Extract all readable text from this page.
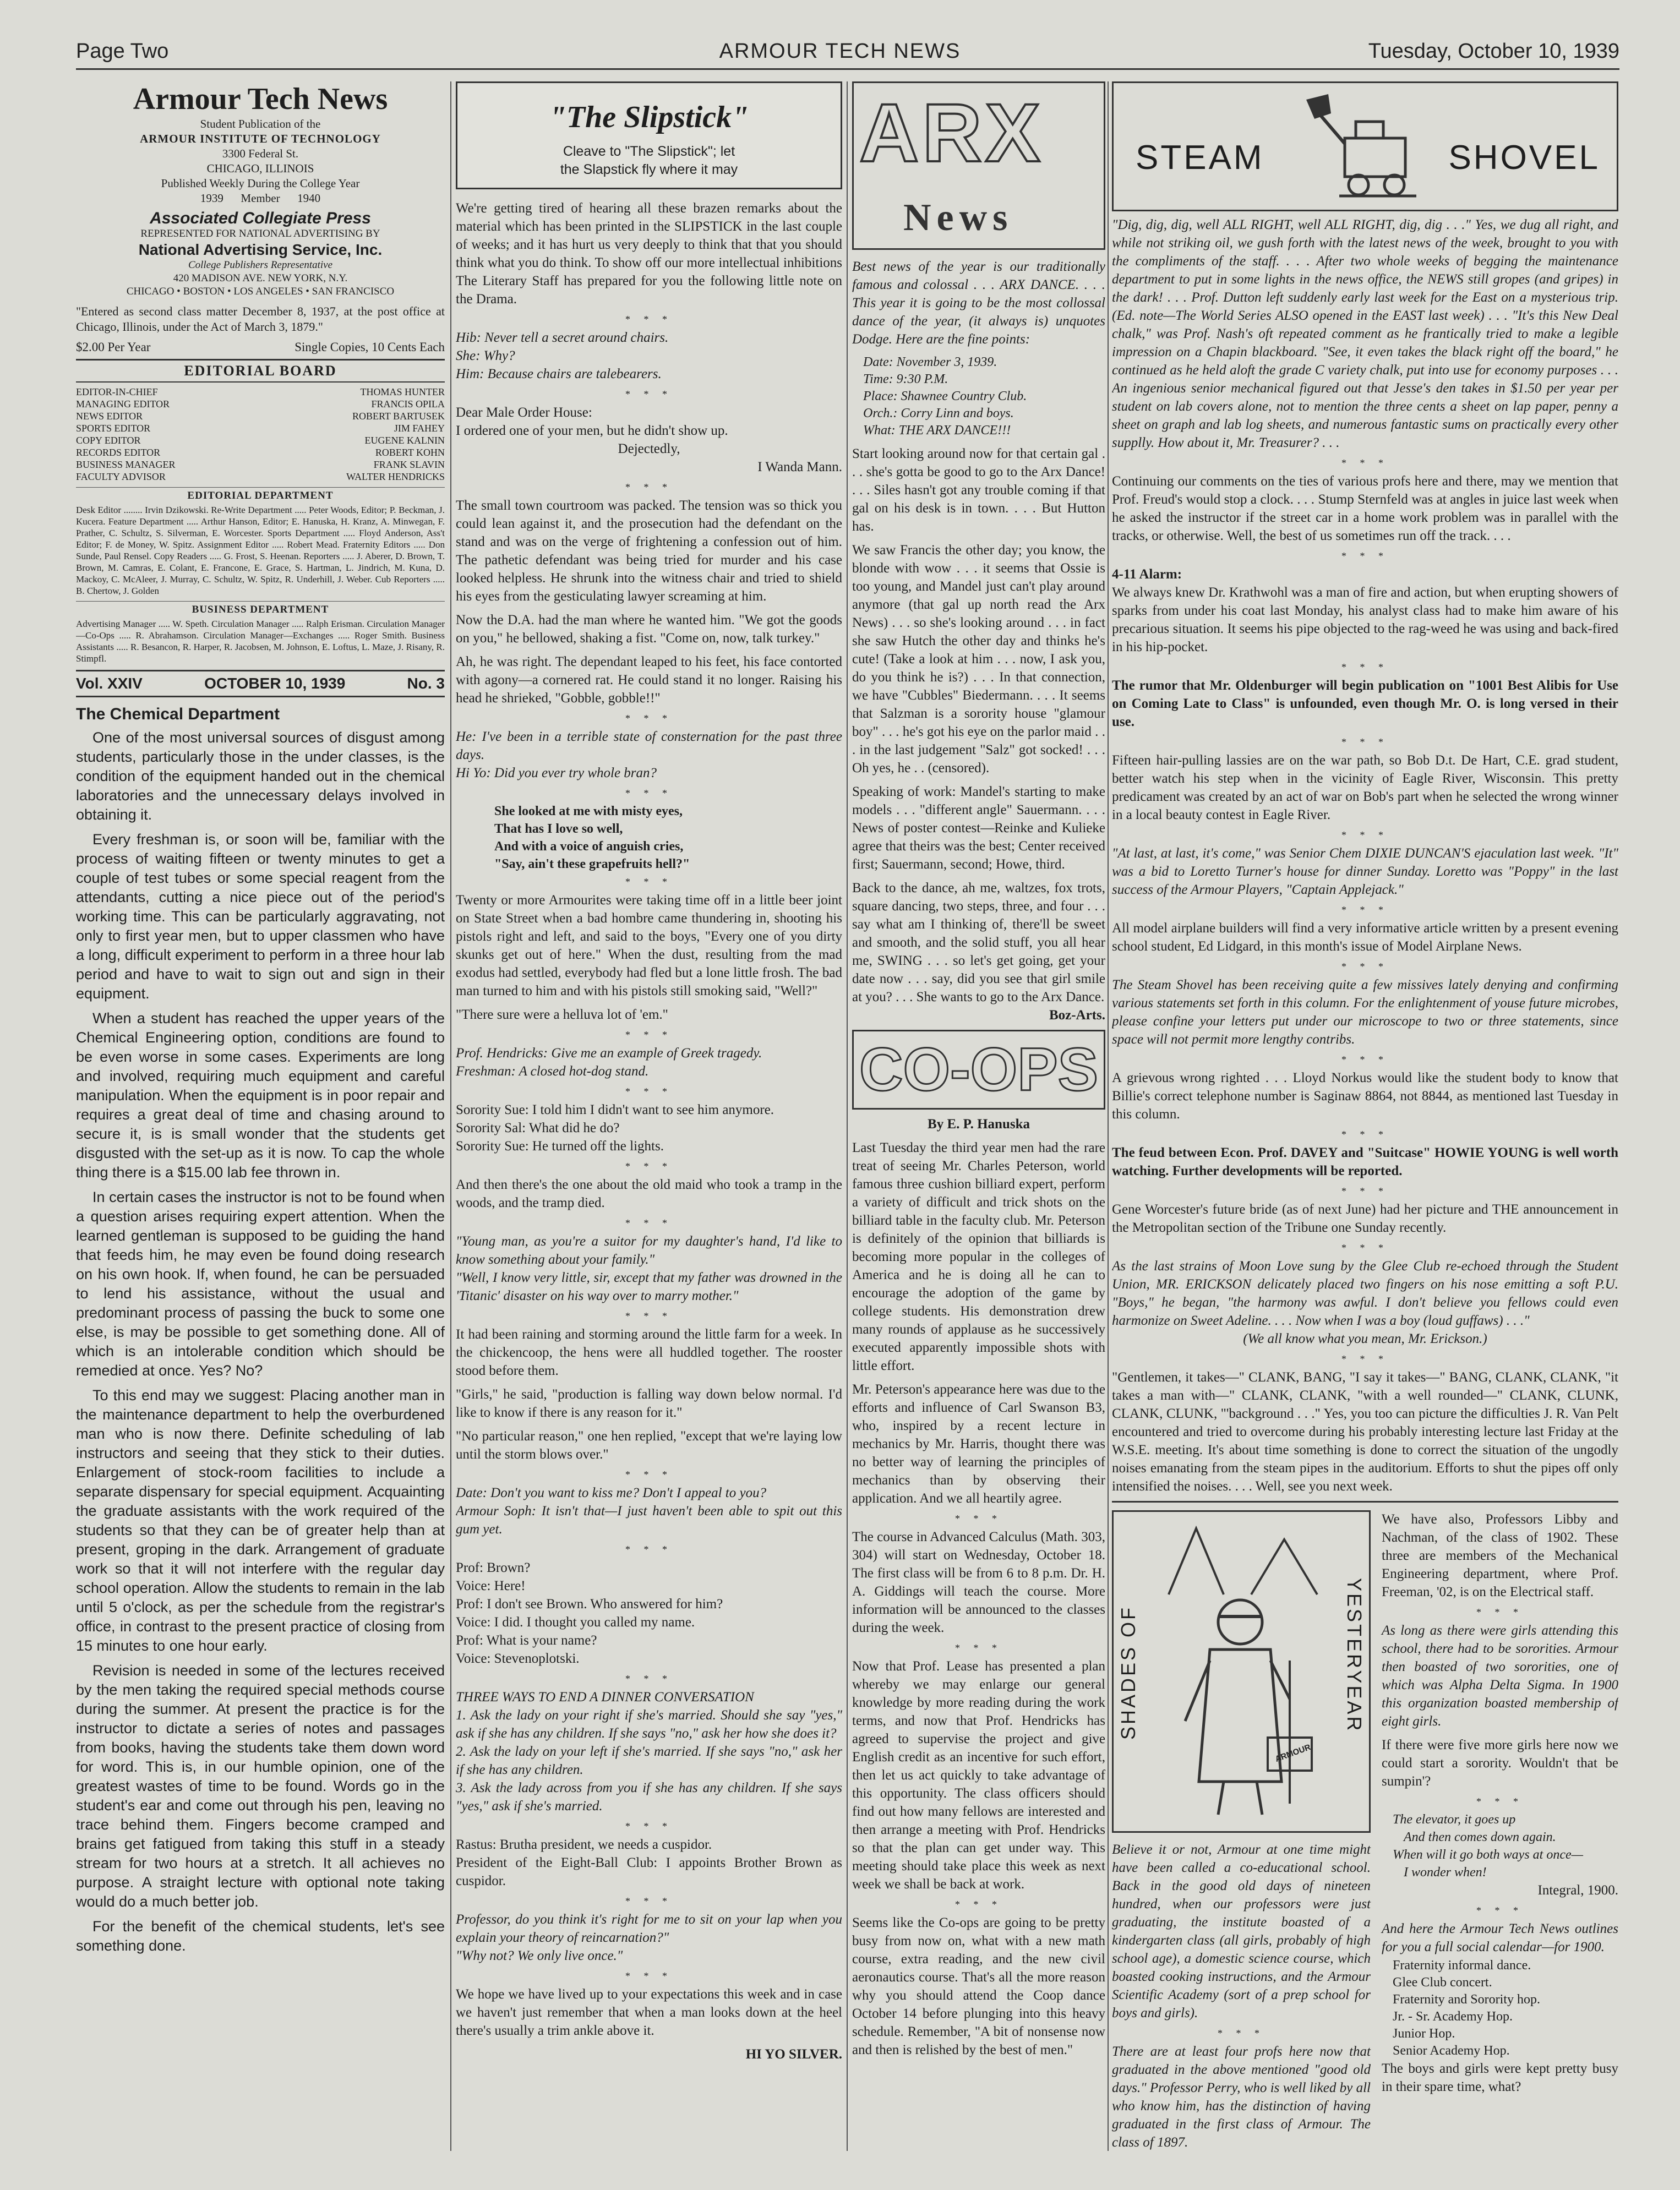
Page Two	ARMOUR TECH NEWS	Tuesday, October 10, 1939
Armour Tech News

Student Publication of the

ARMOUR INSTITUTE OF TECHNOLOGY

3300 Federal St.

CHICAGO, ILLINOIS

Published Weekly During the College Year

1939 Member 1940

Associated Collegiate Press

REPRESENTED FOR NATIONAL ADVERTISING BY

National Advertising Service, Inc.

College Publishers Representative

420 MADISON AVE. NEW YORK, N.Y.

CHICAGO • BOSTON • LOS ANGELES • SAN FRANCISCO

"Entered as second class matter December 8, 1937, at the post office at Chicago, Illinois, under the Act of March 3, 1879."

$2.00 Per Year	Single Copies, 10 Cents Each
EDITORIAL BOARD
EDITOR-IN-CHIEF	THOMAS HUNTER
MANAGING EDITOR	FRANCIS OPILA
NEWS EDITOR	ROBERT BARTUSEK
SPORTS EDITOR	JIM FAHEY
COPY EDITOR	EUGENE KALNIN
RECORDS EDITOR	ROBERT KOHN
BUSINESS MANAGER	FRANK SLAVIN
FACULTY ADVISOR	WALTER HENDRICKS
EDITORIAL DEPARTMENT

Desk Editor ........ Irvin Dzikowski. Re-Write Department ..... Peter Woods, Editor; P. Beckman, J. Kucera. Feature Department ..... Arthur Hanson, Editor; E. Hanuska, H. Kranz, A. Minwegan, F. Prather, C. Schultz, S. Silverman, E. Worcester. Sports Department ..... Floyd Anderson, Ass't Editor; F. de Money, W. Spitz. Assignment Editor ..... Robert Mead. Fraternity Editors ..... Don Sunde, Paul Rensel. Copy Readers ..... G. Frost, S. Heenan. Reporters ..... J. Aberer, D. Brown, T. Brown, M. Camras, E. Colant, E. Francone, E. Grace, S. Hartman, L. Jindrich, M. Kuna, D. Mackoy, C. McAleer, J. Murray, C. Schultz, W. Spitz, R. Underhill, J. Weber. Cub Reporters ..... B. Chertow, J. Golden

BUSINESS DEPARTMENT

Advertising Manager ..... W. Speth. Circulation Manager ..... Ralph Erisman. Circulation Manager—Co-Ops ..... R. Abrahamson. Circulation Manager—Exchanges ..... Roger Smith. Business Assistants ..... R. Besancon, R. Harper, R. Jacobsen, M. Johnson, E. Loftus, L. Maze, J. Risany, R. Stimpfl.

Vol. XXIV	OCTOBER 10, 1939	No. 3
The Chemical Department

One of the most universal sources of disgust among students, particularly those in the under classes, is the condition of the equipment handed out in the chemical laboratories and the unnecessary delays involved in obtaining it.

Every freshman is, or soon will be, familiar with the process of waiting fifteen or twenty minutes to get a couple of test tubes or some special reagent from the attendants, cutting a nice piece out of the period's working time. This can be particularly aggravating, not only to first year men, but to upper classmen who have a long, difficult experiment to perform in a three hour lab period and have to wait to sign out and sign in their equipment.

When a student has reached the upper years of the Chemical Engineering option, conditions are found to be even worse in some cases. Experiments are long and involved, requiring much equipment and careful manipulation. When the equipment is in poor repair and requires a great deal of time and chasing around to secure it, is is small wonder that the students get disgusted with the set-up as it is now. To cap the whole thing there is a $15.00 lab fee thrown in.

In certain cases the instructor is not to be found when a question arises requiring expert attention. When the learned gentleman is supposed to be guiding the hand that feeds him, he may even be found doing research on his own hook. If, when found, he can be persuaded to lend his assistance, without the usual and predominant process of passing the buck to some one else, is may be possible to get something done. All of which is an intolerable condition which should be remedied at once. Yes? No?

To this end may we suggest: Placing another man in the maintenance department to help the overburdened man who is now there. Definite scheduling of lab instructors and seeing that they stick to their duties. Enlargement of stock-room facilities to include a separate dispensary for special equipment. Acquainting the graduate assistants with the work required of the students so that they can be of greater help than at present, groping in the dark. Arrangement of graduate work so that it will not interfere with the regular day school operation. Allow the students to remain in the lab until 5 o'clock, as per the schedule from the registrar's office, in contrast to the present practice of closing from 15 minutes to one hour early.

Revision is needed in some of the lectures received by the men taking the required special methods course during the summer. At present the practice is for the instructor to dictate a series of notes and passages from books, having the students take them down word for word. This is, in our humble opinion, one of the greatest wastes of time to be found. Words go in the student's ear and come out through his pen, leaving no trace behind them. Fingers become cramped and brains get fatigued from taking this stuff in a steady stream for two hours at a stretch. It all achieves no purpose. A straight lecture with optional note taking would do a much better job.

For the benefit of the chemical students, let's see something done.

"The Slipstick"
Cleave to "The Slipstick"; let
the Slapstick fly where it may

We're getting tired of hearing all these brazen remarks about the material which has been printed in the SLIPSTICK in the last couple of weeks; and it has hurt us very deeply to think that that you should think what you do think. To show off our more intellectual inhibitions The Literary Staff has prepared for you the following little note on the Drama.

* * *

Hib: Never tell a secret around chairs.

She: Why?

Him: Because chairs are talebearers.

* * *

Dear Male Order House:

I ordered one of your men, but he didn't show up.

Dejectedly,

I Wanda Mann.

* * *

The small town courtroom was packed. The tension was so thick you could lean against it, and the prosecution had the defendant on the stand and was on the verge of frightening a confession out of him. The pathetic defendant was being tried for murder and his case looked helpless. He shrunk into the witness chair and tried to shield his eyes from the gesticulating lawyer screaming at him.

Now the D.A. had the man where he wanted him. "We got the goods on you," he bellowed, shaking a fist. "Come on, now, talk turkey."

Ah, he was right. The dependant leaped to his feet, his face contorted with agony—a cornered rat. He could stand it no longer. Raising his head he shrieked, "Gobble, gobble!!"

* * *

He: I've been in a terrible state of consternation for the past three days.

Hi Yo: Did you ever try whole bran?

* * *
She looked at me with misty eyes,
That has I love so well,
And with a voice of anguish cries,
"Say, ain't these grapefruits hell?"
* * *

Twenty or more Armourites were taking time off in a little beer joint on State Street when a bad hombre came thundering in, shooting his pistols right and left, and said to the boys, "Every one of you dirty skunks get out of here." When the dust, resulting from the mad exodus had settled, everybody had fled but a lone little frosh. The bad man turned to him and with his pistols still smoking said, "Well?"

"There sure were a helluva lot of 'em."

* * *

Prof. Hendricks: Give me an example of Greek tragedy.

Freshman: A closed hot-dog stand.

* * *

Sorority Sue: I told him I didn't want to see him anymore.

Sorority Sal: What did he do?

Sorority Sue: He turned off the lights.

* * *

And then there's the one about the old maid who took a tramp in the woods, and the tramp died.

* * *

"Young man, as you're a suitor for my daughter's hand, I'd like to know something about your family."

"Well, I know very little, sir, except that my father was drowned in the 'Titanic' disaster on his way over to marry mother."

* * *

It had been raining and storming around the little farm for a week. In the chickencoop, the hens were all huddled together. The rooster stood before them.

"Girls," he said, "production is falling way down below normal. I'd like to know if there is any reason for it."

"No particular reason," one hen replied, "except that we're laying low until the storm blows over."

* * *

Date: Don't you want to kiss me? Don't I appeal to you?

Armour Soph: It isn't that—I just haven't been able to spit out this gum yet.

* * *

Prof: Brown?

Voice: Here!

Prof: I don't see Brown. Who answered for him?

Voice: I did. I thought you called my name.

Prof: What is your name?

Voice: Stevenoplotski.

* * *

THREE WAYS TO END A DINNER CONVERSATION

1. Ask the lady on your right if she's married. Should she say "yes," ask if she has any children. If she says "no," ask her how she does it?

2. Ask the lady on your left if she's married. If she says "no," ask her if she has any children.

3. Ask the lady across from you if she has any children. If she says "yes," ask if she's married.

* * *

Rastus: Brutha president, we needs a cuspidor.

President of the Eight-Ball Club: I appoints Brother Brown as cuspidor.

* * *

Professor, do you think it's right for me to sit on your lap when you explain your theory of reincarnation?"

"Why not? We only live once."

* * *

We hope we have lived up to your expectations this week and in case we haven't just remember that when a man looks down at the heel there's usually a trim ankle above it.

HI YO SILVER.

ARX
News

Best news of the year is our traditionally famous and colossal . . . ARX DANCE. . . . This year it is going to be the most collossal dance of the year, (it always is) unquotes Dodge. Here are the fine points:

Date: November 3, 1939.
Time: 9:30 P.M.
Place: Shawnee Country Club.
Orch.: Corry Linn and boys.
What: THE ARX DANCE!!!

Start looking around now for that certain gal . . . she's gotta be good to go to the Arx Dance! . . . Siles hasn't got any trouble coming if that gal on his desk is in town. . . . But Hutton has.

We saw Francis the other day; you know, the blonde with wow . . . it seems that Ossie is too young, and Mandel just can't play around anymore (that gal up north read the Arx News) . . . so she's looking around . . . in fact she saw Hutch the other day and thinks he's cute! (Take a look at him . . . now, I ask you, do you think he is?) . . . In that connection, we have "Cubbles" Biedermann. . . . It seems that Salzman is a sorority house "glamour boy" . . . he's got his eye on the parlor maid . . . in the last judgement "Salz" got socked! . . . Oh yes, he . . (censored).

Speaking of work: Mandel's starting to make models . . . "different angle" Sauermann. . . . News of poster contest—Reinke and Kulieke agree that theirs was the best; Center received first; Sauermann, second; Howe, third.

Back to the dance, ah me, waltzes, fox trots, square dancing, two steps, three, and four . . . say what am I thinking of, there'll be sweet and smooth, and the solid stuff, you all hear me, SWING . . . so let's get going, get your date now . . . say, did you see that girl smile at you? . . . She wants to go to the Arx Dance.

Boz-Arts.

CO-OPS

By E. P. Hanuska

Last Tuesday the third year men had the rare treat of seeing Mr. Charles Peterson, world famous three cushion billiard expert, perform a variety of difficult and trick shots on the billiard table in the faculty club. Mr. Peterson is definitely of the opinion that billiards is becoming more popular in the colleges of America and he is doing all he can to encourage the adoption of the game by college students. His demonstration drew many rounds of applause as he successively executed apparently impossible shots with little effort.

Mr. Peterson's appearance here was due to the efforts and influence of Carl Swanson B3, who, inspired by a recent lecture in mechanics by Mr. Harris, thought there was no better way of learning the principles of mechanics than by observing their application. And we all heartily agree.

* * *

The course in Advanced Calculus (Math. 303, 304) will start on Wednesday, October 18. The first class will be from 6 to 8 p.m. Dr. H. A. Giddings will teach the course. More information will be announced to the classes during the week.

* * *

Now that Prof. Lease has presented a plan whereby we may enlarge our general knowledge by more reading during the work terms, and now that Prof. Hendricks has agreed to supervise the project and give English credit as an incentive for such effort, then let us act quickly to take advantage of this opportunity. The class officers should find out how many fellows are interested and then arrange a meeting with Prof. Hendricks so that the plan can get under way. This meeting should take place this week as next week we shall be back at work.

* * *

Seems like the Co-ops are going to be pretty busy from now on, what with a new math course, extra reading, and the new civil aeronautics course. That's all the more reason why you should attend the Coop dance October 14 before plunging into this heavy schedule. Remember, "A bit of nonsense now and then is relished by the best of men."

STEAM	SHOVEL

"Dig, dig, dig, well ALL RIGHT, well ALL RIGHT, dig, dig . . ." Yes, we dug all right, and while not striking oil, we gush forth with the latest news of the week, brought to you with the compliments of the staff. . . . After two whole weeks of begging the maintenance department to put in some lights in the news office, the NEWS still gropes (and gripes) in the dark! . . . Prof. Dutton left suddenly early last week for the East on a mysterious trip. (Ed. note—The World Series ALSO opened in the EAST last week) . . . "It's this New Deal chalk," was Prof. Nash's oft repeated comment as he frantically tried to make a legible impression on a Chapin blackboard. "See, it even takes the black right off the board," he continued as he held aloft the grade C variety chalk, put into use for economy purposes . . . An ingenious senior mechanical figured out that Jesse's den takes in $1.50 per year per student on lab covers alone, not to mention the three cents a sheet on lap paper, penny a sheet on graph and lab log sheets, and numerous fantastic sums on practically every other supplly. How about it, Mr. Treasurer? . . .

* * *

Continuing our comments on the ties of various profs here and there, may we mention that Prof. Freud's would stop a clock. . . . Stump Sternfeld was at angles in juice last week when he asked the instructor if the street car in a home work problem was in parallel with the tracks, or otherwise. Well, the best of us sometimes run off the track. . . .

* * *

4-11 Alarm:

We always knew Dr. Krathwohl was a man of fire and action, but when erupting showers of sparks from under his coat last Monday, his analyst class had to make him aware of his precarious situation. It seems his pipe objected to the rag-weed he was using and back-fired in his hip-pocket.

* * *

The rumor that Mr. Oldenburger will begin publication on "1001 Best Alibis for Use on Coming Late to Class" is unfounded, even though Mr. O. is long versed in their use.

* * *

Fifteen hair-pulling lassies are on the war path, so Bob D.t. De Hart, C.E. grad student, better watch his step when in the vicinity of Eagle River, Wisconsin. This pretty predicament was created by an act of war on Bob's part when he selected the wrong winner in a local beauty contest in Eagle River.

* * *

"At last, at last, it's come," was Senior Chem DIXIE DUNCAN'S ejaculation last week. "It" was a bid to Loretto Turner's house for dinner Sunday. Loretto was "Poppy" in the last success of the Armour Players, "Captain Applejack."

* * *

All model airplane builders will find a very informative article written by a present evening school student, Ed Lidgard, in this month's issue of Model Airplane News.

* * *

The Steam Shovel has been receiving quite a few missives lately denying and confirming various statements set forth in this column. For the enlightenment of youse future microbes, please confine your letters put under our microscope to two or three statements, since space will not permit more lengthy contribs.

* * *

A grievous wrong righted . . . Lloyd Norkus would like the student body to know that Billie's correct telephone number is Saginaw 8864, not 8844, as mentioned last Tuesday in this column.

* * *

The feud between Econ. Prof. DAVEY and "Suitcase" HOWIE YOUNG is well worth watching. Further developments will be reported.

* * *

Gene Worcester's future bride (as of next June) had her picture and THE announcement in the Metropolitan section of the Tribune one Sunday recently.

* * *

As the last strains of Moon Love sung by the Glee Club re-echoed through the Student Union, MR. ERICKSON delicately placed two fingers on his nose emitting a soft P.U. "Boys," he began, "the harmony was awful. I don't believe you fellows could even harmonize on Sweet Adeline. . . . Now when I was a boy (loud guffaws) . . ."

(We all know what you mean, Mr. Erickson.)

* * *

"Gentlemen, it takes—" CLANK, BANG, "I say it takes—" BANG, CLANK, CLANK, "it takes a man with—" CLANK, CLANK, "with a well rounded—" CLANK, CLUNK, CLANK, CLUNK, "'background . . ." Yes, you too can picture the difficulties J. R. Van Pelt encountered and tried to overcome during his probably interesting lecture last Friday at the W.S.E. meeting. It's about time something is done to correct the situation of the ungodly noises emanating from the steam pipes in the auditorium. Efforts to shut the pipes off only intensified the noises. . . . Well, see you next week.

SHADES OF	YESTERYEAR
ARMOUR

Believe it or not, Armour at one time might have been called a co-educational school. Back in the good old days of nineteen hundred, when our professors were just graduating, the institute boasted of a kindergarten class (all girls, probably of high school age), a domestic science course, which boasted cooking instructions, and the Armour Scientific Academy (sort of a prep school for boys and girls).

* * *

There are at least four profs here now that graduated in the above mentioned "good old days." Professor Perry, who is well liked by all who know him, has the distinction of having graduated in the first class of Armour. The class of 1897.

We have also, Professors Libby and Nachman, of the class of 1902. These three are members of the Mechanical Engineering department, where Prof. Freeman, '02, is on the Electrical staff.

* * *

As long as there were girls attending this school, there had to be sororities. Armour then boasted of two sororities, one of which was Alpha Delta Sigma. In 1900 this organization boasted membership of eight girls.

If there were five more girls here now we could start a sorority. Wouldn't that be sumpin'?

* * *
The elevator, it goes up
And then comes down again.
When will it go both ways at once—
I wonder when!

Integral, 1900.

* * *

And here the Armour Tech News outlines for you a full social calendar—for 1900.

Fraternity informal dance.
Glee Club concert.
Fraternity and Sorority hop.
Jr. - Sr. Academy Hop.
Junior Hop.
Senior Academy Hop.

The boys and girls were kept pretty busy in their spare time, what?
